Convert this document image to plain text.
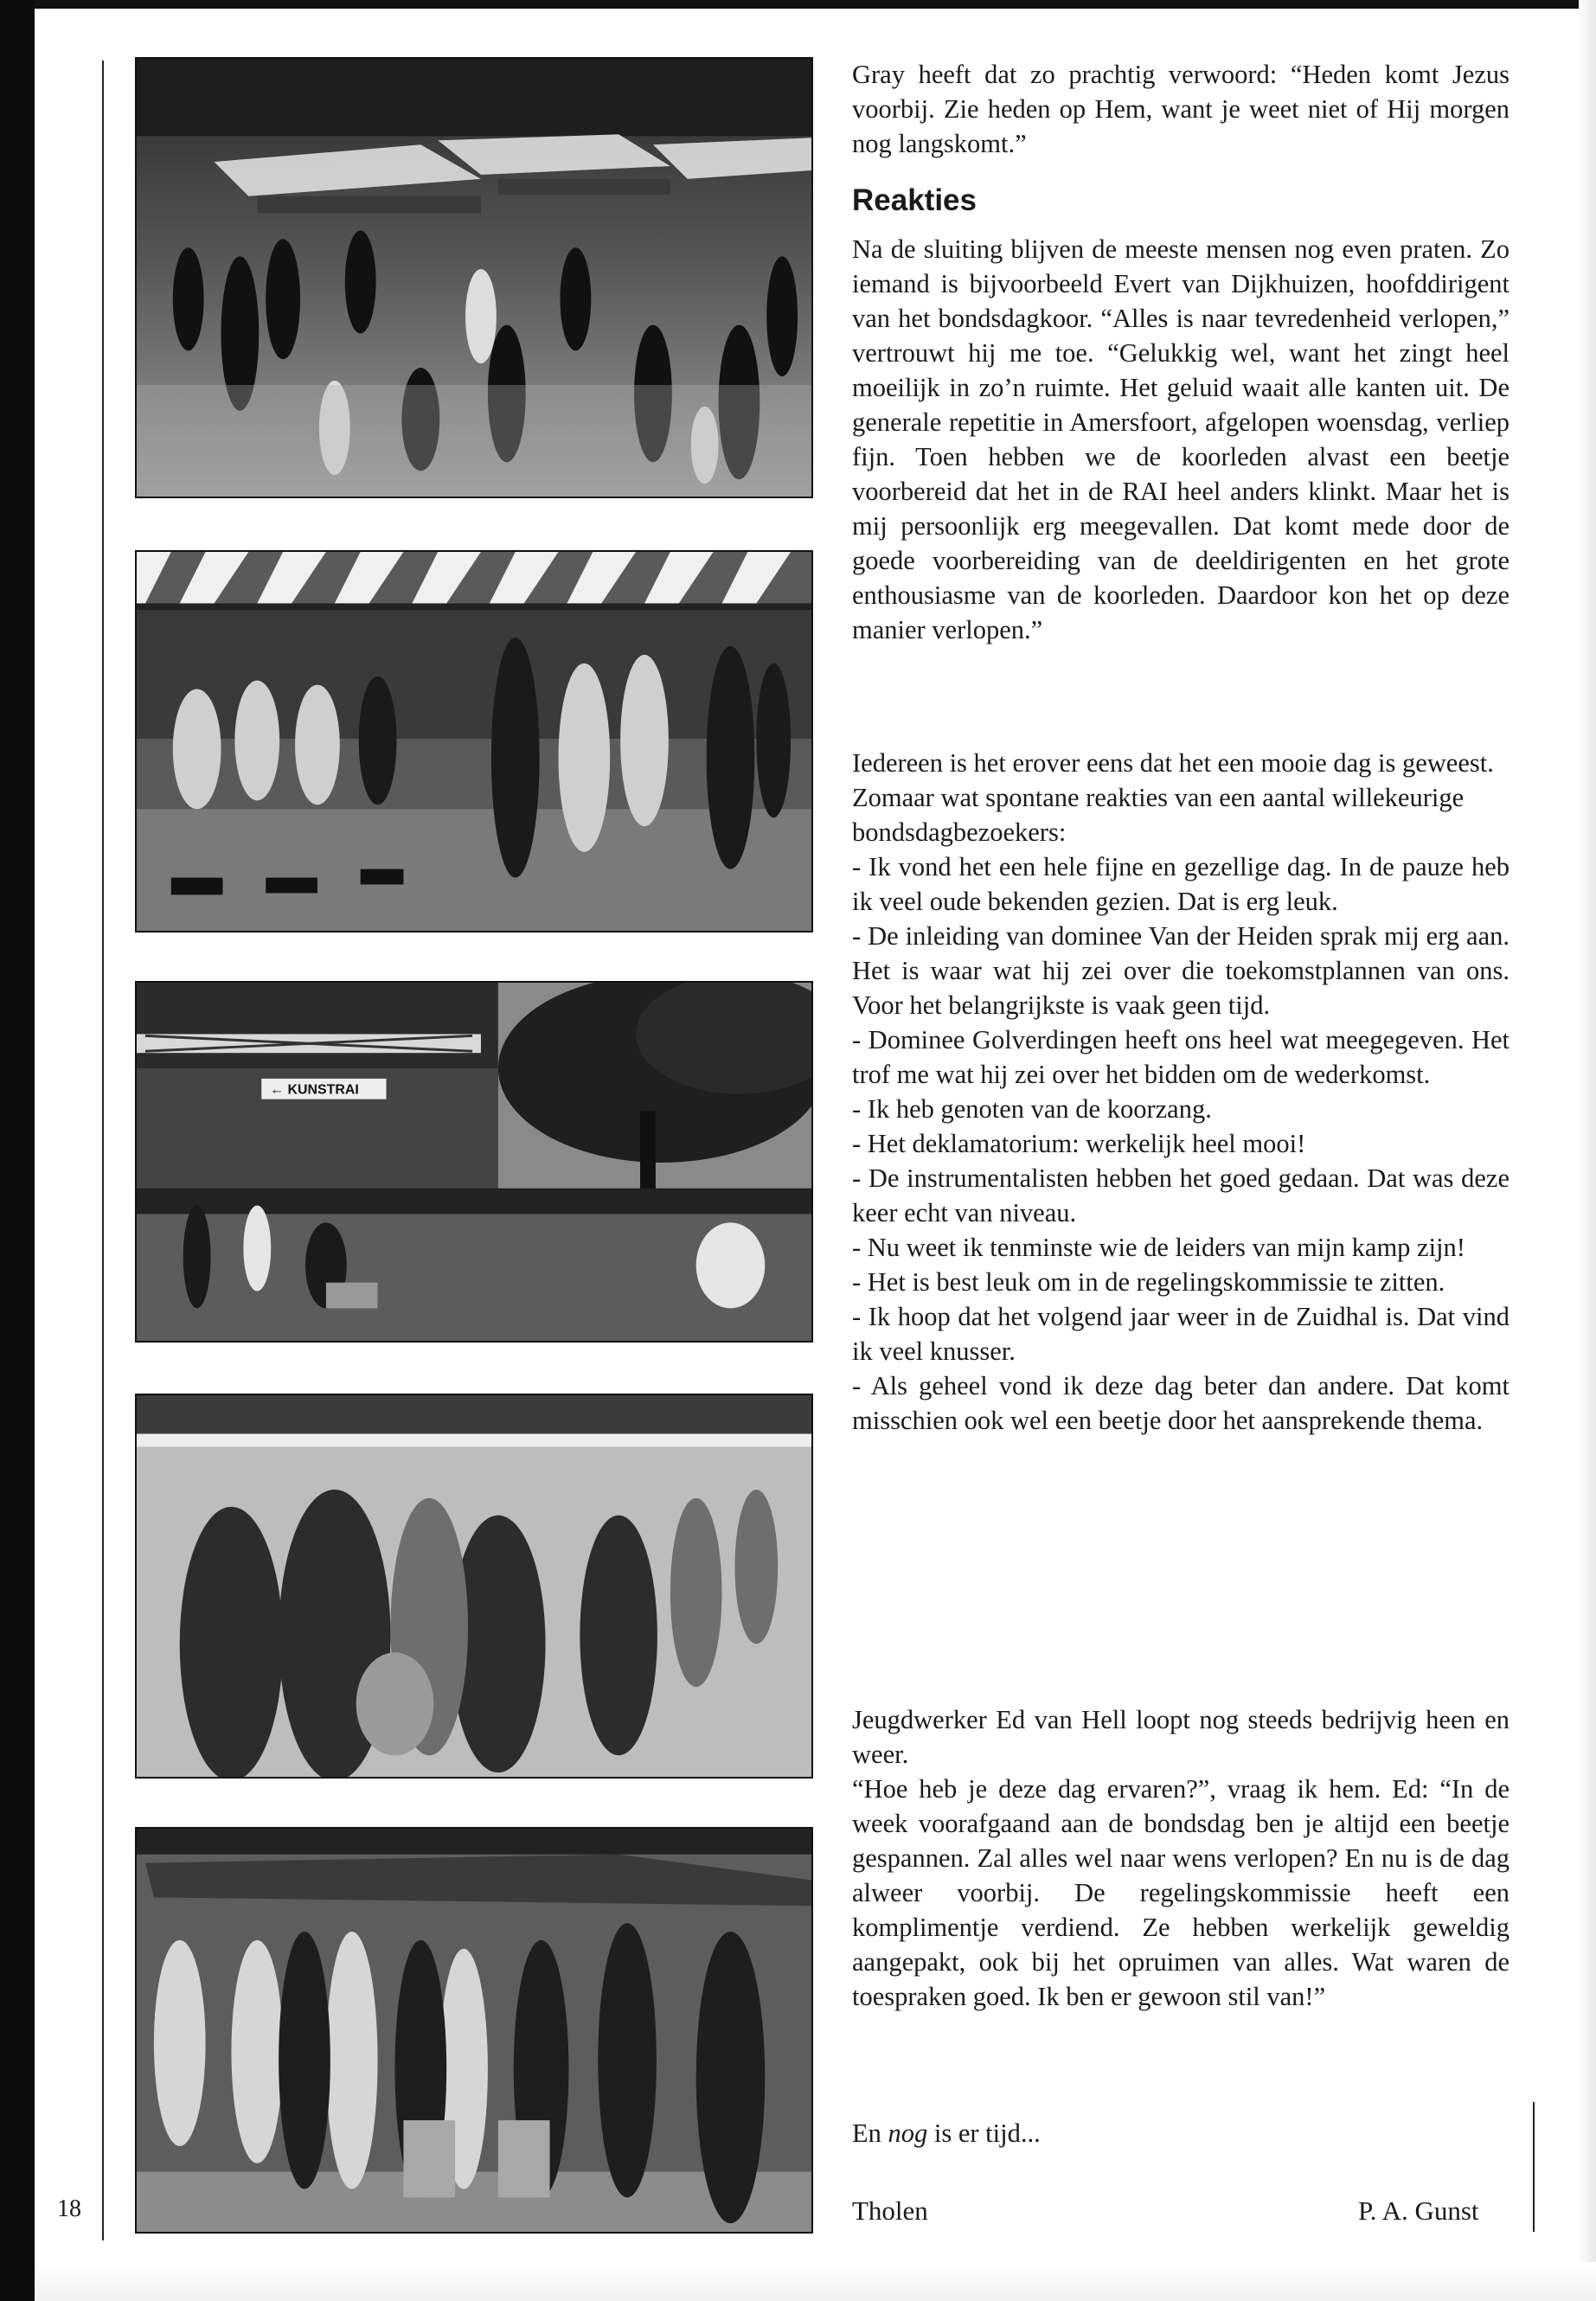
18
← KUNSTRAI

Gray heeft dat zo prachtig verwoord: “Heden komt Jezus voorbij. Zie heden op Hem, want je weet niet of Hij morgen nog langskomt.”

Reakties

Na de sluiting blijven de meeste mensen nog even praten. Zo iemand is bijvoorbeeld Evert van Dijkhuizen, hoofddirigent van het bondsdagkoor. “Alles is naar tevredenheid verlopen,” vertrouwt hij me toe. “Gelukkig wel, want het zingt heel moeilijk in zo’n ruimte. Het geluid waait alle kanten uit. De generale repetitie in Amersfoort, afgelopen woensdag, verliep fijn. Toen hebben we de koorleden alvast een beetje voorbereid dat het in de RAI heel anders klinkt. Maar het is mij persoonlijk erg meegevallen. Dat komt mede door de goede voorbereiding van de deeldirigenten en het grote enthousiasme van de koorleden. Daardoor kon het op deze manier verlopen.”

Iedereen is het erover eens dat het een mooie dag is geweest.

Zomaar wat spontane reakties van een aantal willekeurige bondsdagbezoekers:

- Ik vond het een hele fijne en gezellige dag. In de pauze heb ik veel oude bekenden gezien. Dat is erg leuk.

- De inleiding van dominee Van der Heiden sprak mij erg aan. Het is waar wat hij zei over die toekomstplannen van ons. Voor het belangrijkste is vaak geen tijd.

- Dominee Golverdingen heeft ons heel wat meegegeven. Het trof me wat hij zei over het bidden om de wederkomst.

- Ik heb genoten van de koorzang.

- Het deklamatorium: werkelijk heel mooi!

- De instrumentalisten hebben het goed gedaan. Dat was deze keer echt van niveau.

- Nu weet ik tenminste wie de leiders van mijn kamp zijn!

- Het is best leuk om in de regelingskommissie te zitten.

- Ik hoop dat het volgend jaar weer in de Zuidhal is. Dat vind ik veel knusser.

- Als geheel vond ik deze dag beter dan andere. Dat komt misschien ook wel een beetje door het aansprekende thema.

Jeugdwerker Ed van Hell loopt nog steeds bedrijvig heen en weer.

“Hoe heb je deze dag ervaren?”, vraag ik hem. Ed: “In de week voorafgaand aan de bondsdag ben je altijd een beetje gespannen. Zal alles wel naar wens verlopen? En nu is de dag alweer voorbij. De regelingskommissie heeft een komplimentje verdiend. Ze hebben werkelijk geweldig aangepakt, ook bij het opruimen van alles. Wat waren de toespraken goed. Ik ben er gewoon stil van!”

En nog is er tijd...

Tholen	P. A. Gunst
